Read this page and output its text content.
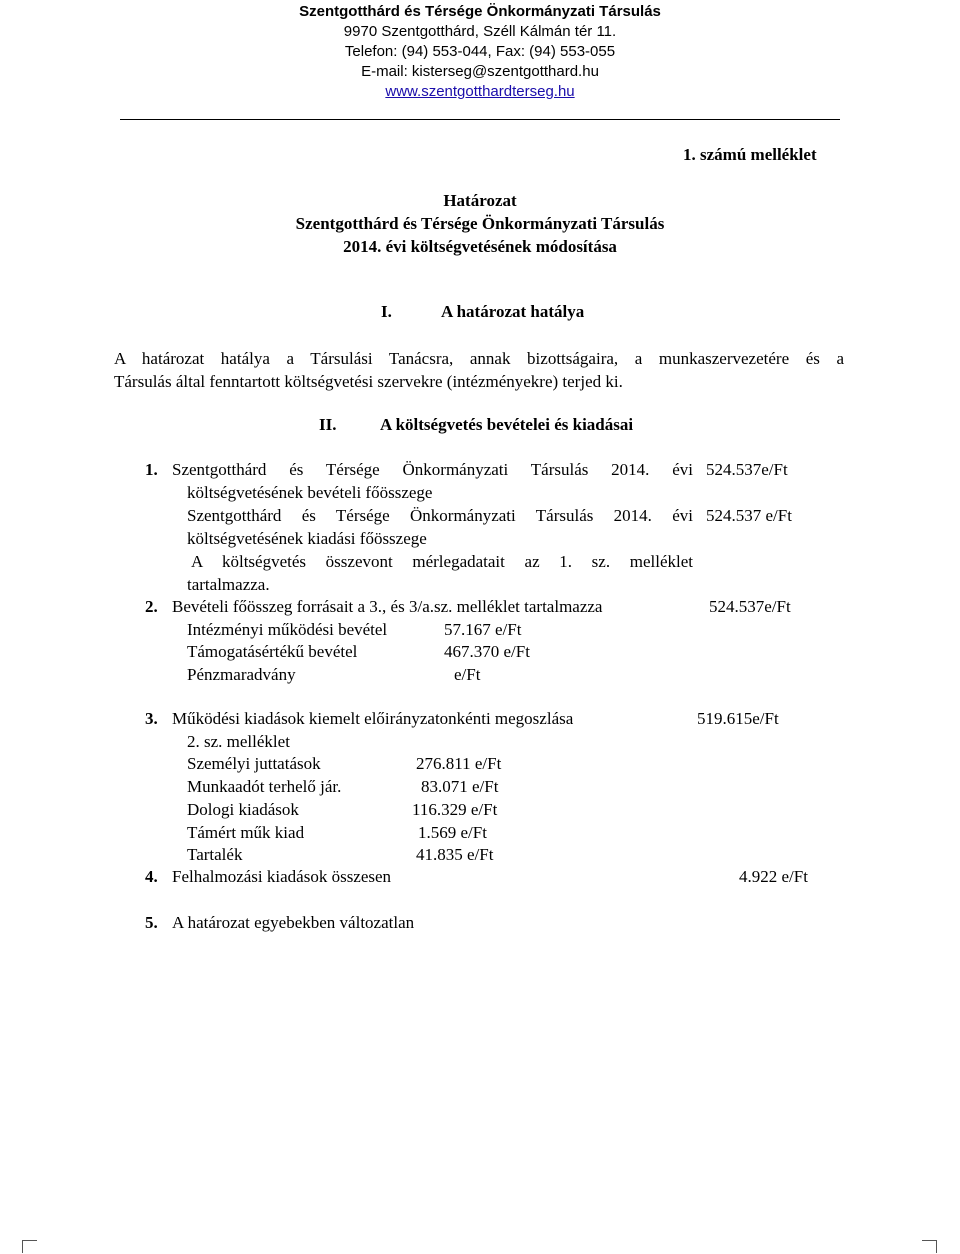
Szentgotthárd és Térsége Önkormányzati Társulás
9970 Szentgotthárd, Széll Kálmán tér 11.
Telefon: (94) 553-044, Fax: (94) 553-055
E-mail: kisterseg@szentgotthard.hu
www.szentgotthardterseg.hu
1. számú melléklet
Határozat
Szentgotthárd és Térsége Önkormányzati Társulás
2014. évi költségvetésének módosítása
I.	A határozat hatálya
A határozat hatálya a Társulási Tanácsra, annak bizottságaira, a munkaszervezetére és a
Társulás által fenntartott költségvetési szervekre (intézményekre) terjed ki.
II.	A költségvetés bevételei és kiadásai
1. Szentgotthárd és Térsége Önkormányzati Társulás 2014. évi 524.537e/Ft
költségvetésének bevételi főösszege
Szentgotthárd és Térsége Önkormányzati Társulás 2014. évi 524.537 e/Ft
költségvetésének kiadási főösszege
A költségvetés összevont mérlegadatait az 1. sz. melléklet
tartalmazza.
2. Bevételi főösszeg forrásait a 3., és 3/a.sz. melléklet tartalmazza	524.537e/Ft
Intézményi működési bevétel	57.167 e/Ft
Támogatásértékű bevétel	467.370 e/Ft
Pénzmaradvány	e/Ft
3. Működési kiadások kiemelt előirányzatonkénti megoszlása	519.615e/Ft
2. sz. melléklet
Személyi juttatások	276.811 e/Ft
Munkaadót terhelő jár.	83.071 e/Ft
Dologi kiadások	116.329 e/Ft
Támért műk kiad	1.569 e/Ft
Tartalék	41.835 e/Ft
4. Felhalmozási kiadások összesen	4.922 e/Ft
5. A határozat egyebekben változatlan
